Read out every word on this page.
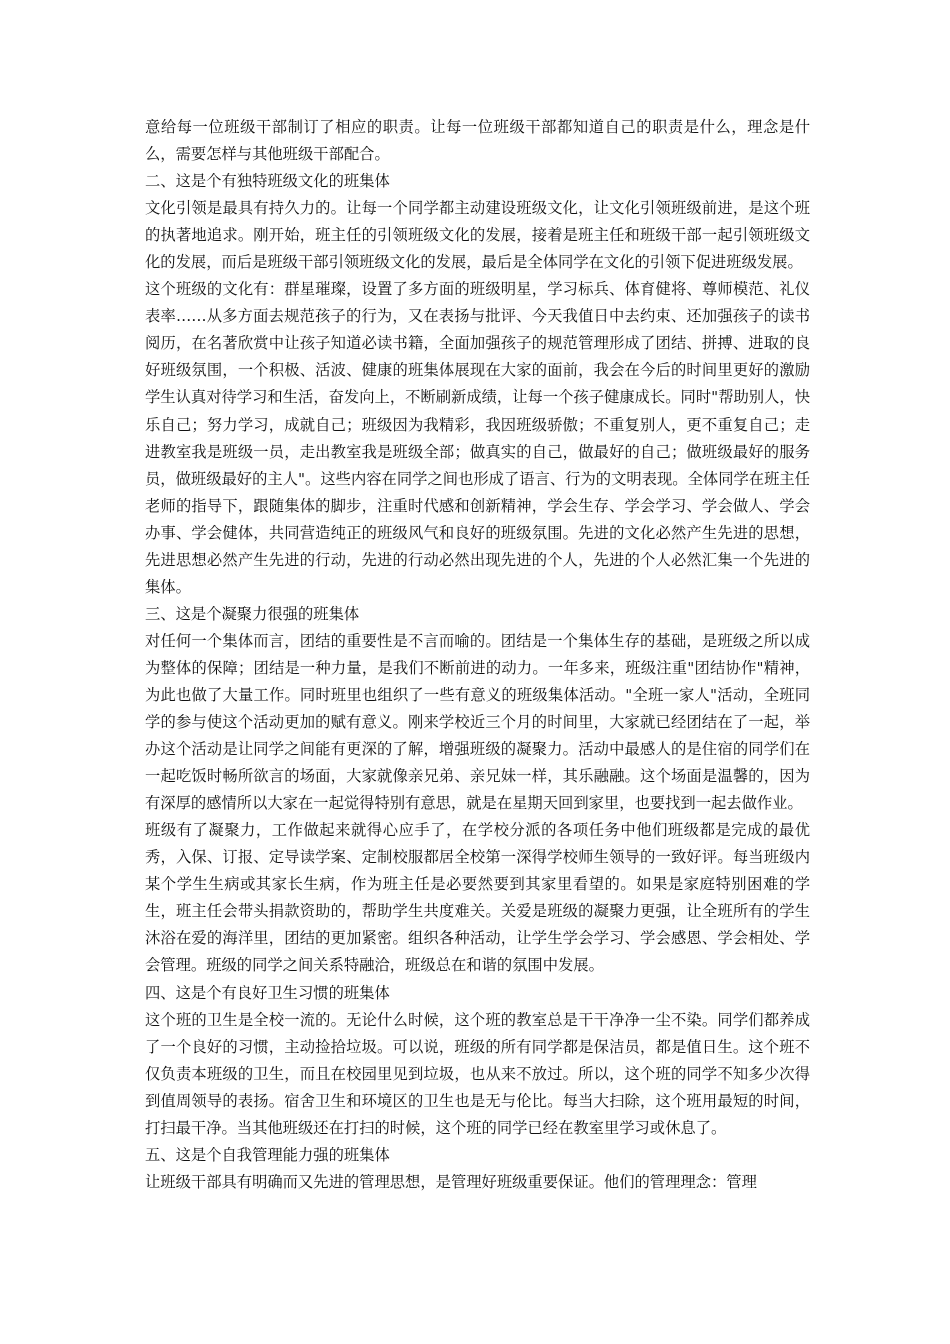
意给每一位班级干部制订了相应的职责。让每一位班级干部都知道自己的职责是什么，理念是什么，需要怎样与其他班级干部配合。

二、这是个有独特班级文化的班集体

文化引领是最具有持久力的。让每一个同学都主动建设班级文化，让文化引领班级前进，是这个班的执著地追求。刚开始，班主任的引领班级文化的发展，接着是班主任和班级干部一起引领班级文化的发展，而后是班级干部引领班级文化的发展，最后是全体同学在文化的引领下促进班级发展。

这个班级的文化有：群星璀璨，设置了多方面的班级明星，学习标兵、体育健将、尊师模范、礼仪表率……从多方面去规范孩子的行为，又在表扬与批评、今天我值日中去约束、还加强孩子的读书阅历，在名著欣赏中让孩子知道必读书籍，全面加强孩子的规范管理形成了团结、拼搏、进取的良好班级氛围，一个积极、活波、健康的班集体展现在大家的面前，我会在今后的时间里更好的激励学生认真对待学习和生活，奋发向上，不断刷新成绩，让每一个孩子健康成长。同时"帮助别人，快乐自己；努力学习，成就自己；班级因为我精彩，我因班级骄傲；不重复别人，更不重复自己；走进教室我是班级一员，走出教室我是班级全部；做真实的自己，做最好的自己；做班级最好的服务员，做班级最好的主人"。这些内容在同学之间也形成了语言、行为的文明表现。全体同学在班主任老师的指导下，跟随集体的脚步，注重时代感和创新精神，学会生存、学会学习、学会做人、学会办事、学会健体，共同营造纯正的班级风气和良好的班级氛围。先进的文化必然产生先进的思想，先进思想必然产生先进的行动，先进的行动必然出现先进的个人，先进的个人必然汇集一个先进的集体。

三、这是个凝聚力很强的班集体

对任何一个集体而言，团结的重要性是不言而喻的。团结是一个集体生存的基础，是班级之所以成为整体的保障；团结是一种力量，是我们不断前进的动力。一年多来，班级注重"团结协作"精神，为此也做了大量工作。同时班里也组织了一些有意义的班级集体活动。"全班一家人"活动，全班同学的参与使这个活动更加的赋有意义。刚来学校近三个月的时间里，大家就已经团结在了一起，举办这个活动是让同学之间能有更深的了解，增强班级的凝聚力。活动中最感人的是住宿的同学们在一起吃饭时畅所欲言的场面，大家就像亲兄弟、亲兄妹一样，其乐融融。这个场面是温馨的，因为有深厚的感情所以大家在一起觉得特别有意思，就是在星期天回到家里，也要找到一起去做作业。

班级有了凝聚力，工作做起来就得心应手了，在学校分派的各项任务中他们班级都是完成的最优秀，入保、订报、定导读学案、定制校服都居全校第一深得学校师生领导的一致好评。每当班级内某个学生生病或其家长生病，作为班主任是必要然要到其家里看望的。如果是家庭特别困难的学生，班主任会带头捐款资助的，帮助学生共度难关。关爱是班级的凝聚力更强，让全班所有的学生沐浴在爱的海洋里，团结的更加紧密。组织各种活动，让学生学会学习、学会感恩、学会相处、学会管理。班级的同学之间关系特融洽，班级总在和谐的氛围中发展。

四、这是个有良好卫生习惯的班集体

这个班的卫生是全校一流的。无论什么时候，这个班的教室总是干干净净一尘不染。同学们都养成了一个良好的习惯，主动捡拾垃圾。可以说，班级的所有同学都是保洁员，都是值日生。这个班不仅负责本班级的卫生，而且在校园里见到垃圾，也从来不放过。所以，这个班的同学不知多少次得到值周领导的表扬。宿舍卫生和环境区的卫生也是无与伦比。每当大扫除，这个班用最短的时间，打扫最干净。当其他班级还在打扫的时候，这个班的同学已经在教室里学习或休息了。

五、这是个自我管理能力强的班集体

让班级干部具有明确而又先进的管理思想，是管理好班级重要保证。他们的管理理念：管理
